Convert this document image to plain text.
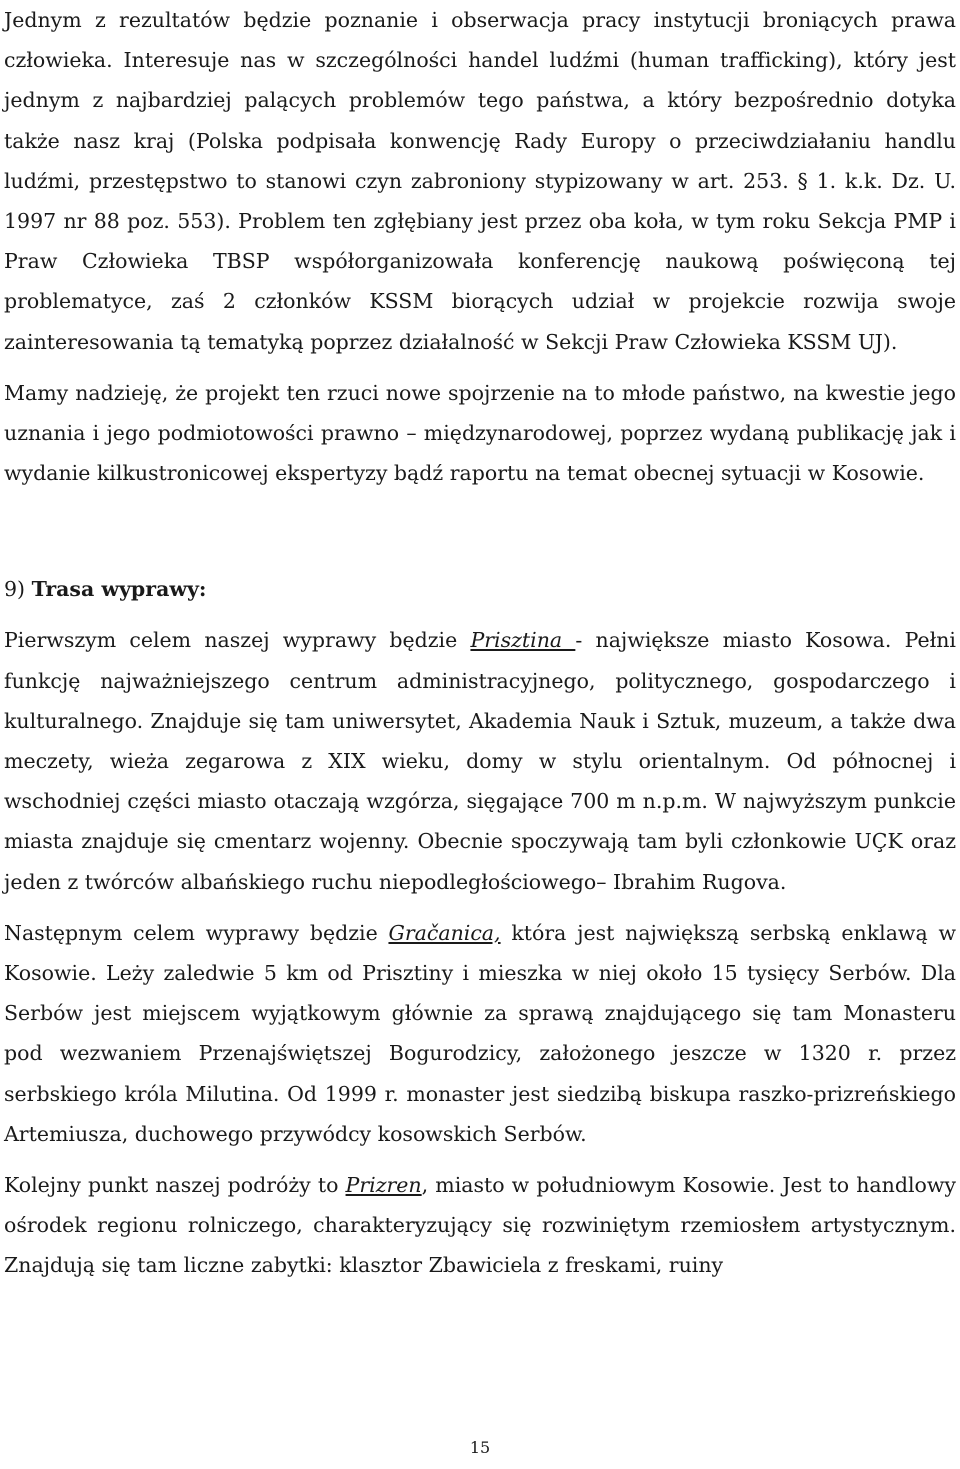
Jednym z rezultatów będzie poznanie i obserwacja pracy instytucji broniących prawa człowieka. Interesuje nas w szczególności handel ludźmi (human trafficking), który jest jednym z najbardziej palących problemów tego państwa, a który bezpośrednio dotyka także nasz kraj (Polska podpisała konwencję Rady Europy o przeciwdziałaniu handlu ludźmi, przestępstwo to stanowi czyn zabroniony stypizowany w art. 253. § 1. k.k. Dz. U. 1997 nr 88 poz. 553). Problem ten zgłębiany jest przez oba koła, w tym roku Sekcja PMP i Praw Człowieka TBSP współorganizowała konferencję naukową poświęconą tej problematyce, zaś 2 członków KSSM biorących udział w projekcie rozwija swoje zainteresowania tą tematyką poprzez działalność w Sekcji Praw Człowieka KSSM UJ).

Mamy nadzieję, że projekt ten rzuci nowe spojrzenie na to młode państwo, na kwestie jego uznania i jego podmiotowości prawno – międzynarodowej, poprzez wydaną publikację jak i wydanie kilkustronicowej ekspertyzy bądź raportu na temat obecnej sytuacji w Kosowie.

9) Trasa wyprawy:

Pierwszym celem naszej wyprawy będzie Prisztina - największe miasto Kosowa. Pełni funkcję najważniejszego centrum administracyjnego, politycznego, gospodarczego i kulturalnego. Znajduje się tam uniwersytet, Akademia Nauk i Sztuk, muzeum, a także dwa meczety, wieża zegarowa z XIX wieku, domy w stylu orientalnym. Od północnej i wschodniej części miasto otaczają wzgórza, sięgające 700 m n.p.m. W najwyższym punkcie miasta znajduje się cmentarz wojenny. Obecnie spoczywają tam byli członkowie UÇK oraz jeden z twórców albańskiego ruchu niepodległościowego– Ibrahim Rugova.

Następnym celem wyprawy będzie Gračanica, która jest największą serbską enklawą w Kosowie. Leży zaledwie 5 km od Prisztiny i mieszka w niej około 15 tysięcy Serbów. Dla Serbów jest miejscem wyjątkowym głównie za sprawą znajdującego się tam Monasteru pod wezwaniem Przenajświętszej Bogurodzicy, założonego jeszcze w 1320 r. przez serbskiego króla Milutina. Od 1999 r. monaster jest siedzibą biskupa raszko-prizreńskiego Artemiusza, duchowego przywódcy kosowskich Serbów.

Kolejny punkt naszej podróży to Prizren, miasto w południowym Kosowie. Jest to handlowy ośrodek regionu rolniczego, charakteryzujący się rozwiniętym rzemiosłem artystycznym. Znajdują się tam liczne zabytki: klasztor Zbawiciela z freskami, ruiny

15
